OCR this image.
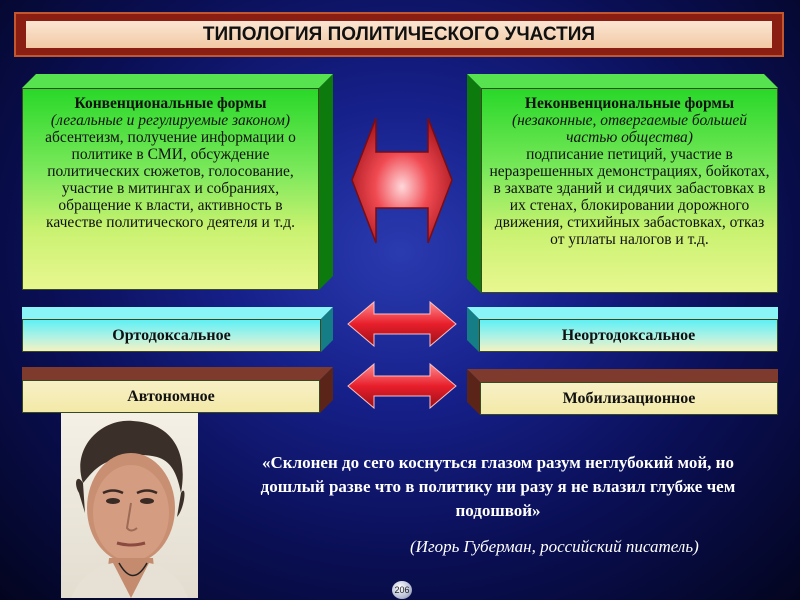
ТИПОЛОГИЯ ПОЛИТИЧЕСКОГО УЧАСТИЯ
Конвенциональные формы
(легальные и регулируемые законом)
абсентеизм, получение информации о политике в СМИ, обсуждение политических сюжетов, голосование, участие в митингах и собраниях, обращение к власти, активность в качестве политического деятеля и т.д.
Неконвенциональные формы
(незаконные, отвергаемые большей частью общества)
подписание петиций, участие в неразрешенных демонстрациях, бойкотах, в захвате зданий и сидячих забастовках в их стенах, блокировании дорожного движения, стихийных забастовках, отказ от уплаты налогов и т.д.
Ортодоксальное	Неортодоксальное
Автономное	Мобилизационное
«Склонен до сего коснуться глазом разум неглубокий мой, но дошлый разве что в политику ни разу я не влазил глубже чем подошвой»
(Игорь Губерман, российский писатель)
206
